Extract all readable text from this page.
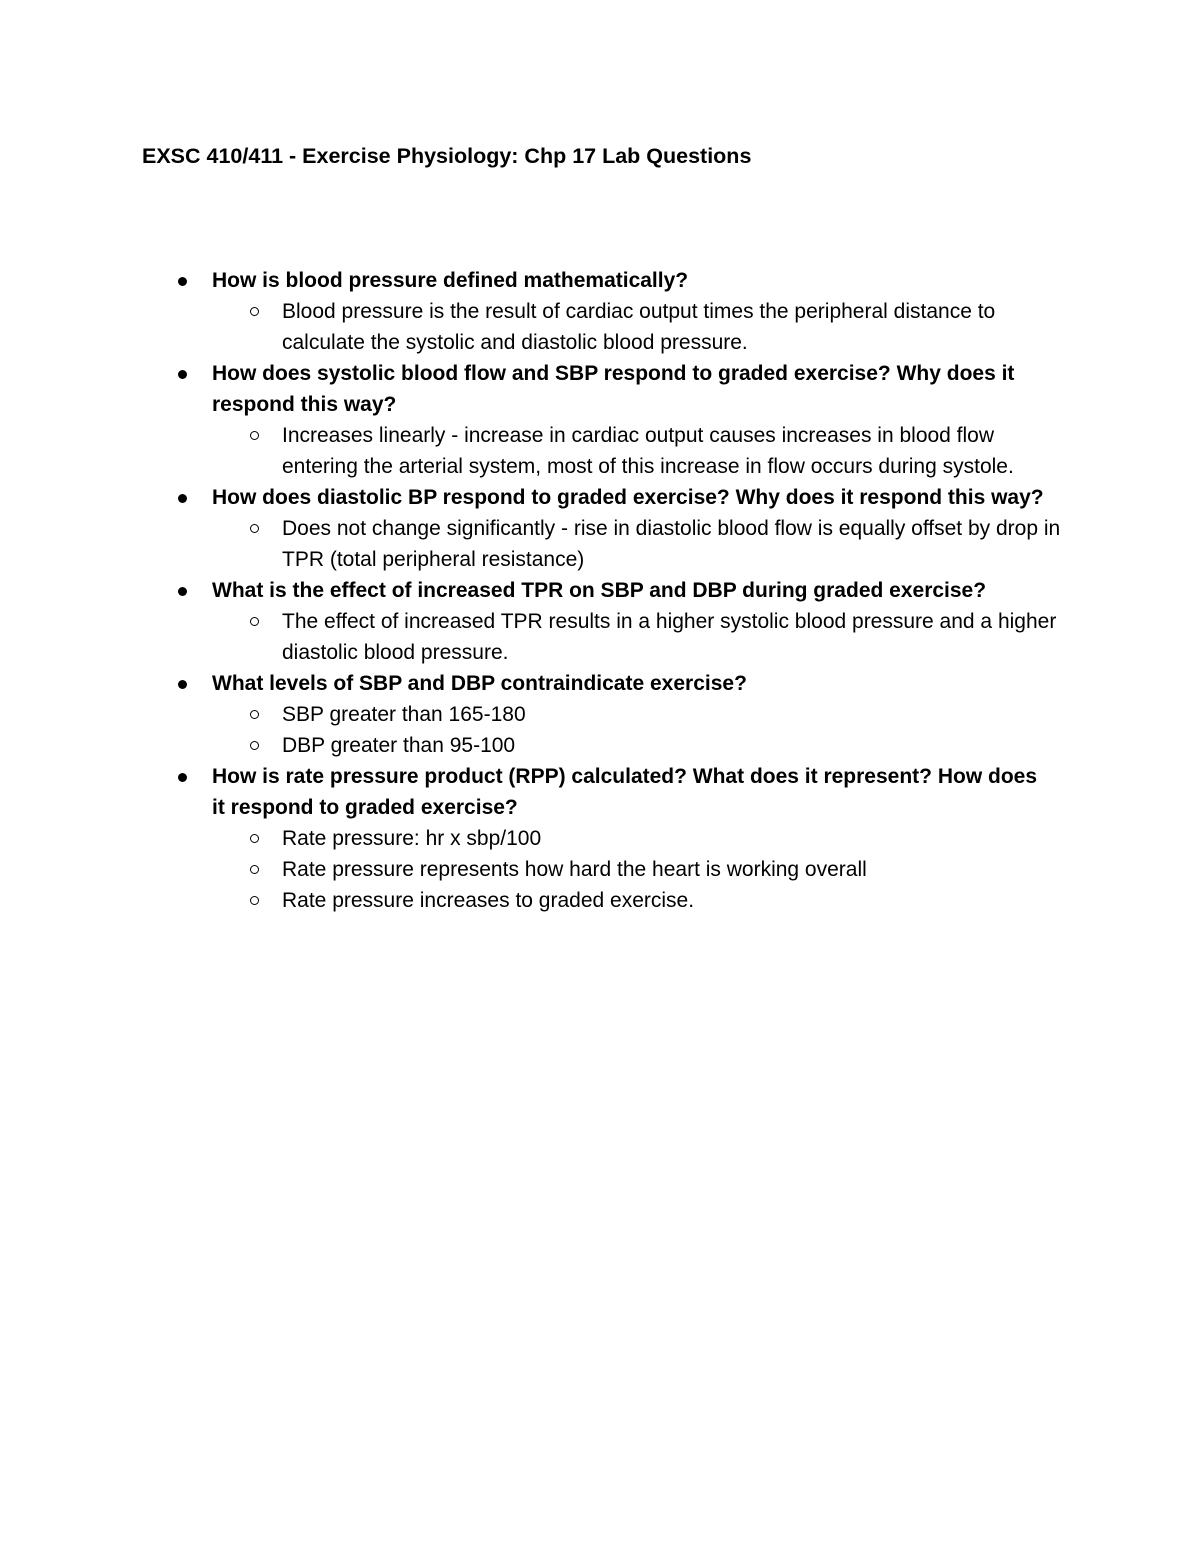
EXSC 410/411 - Exercise Physiology: Chp 17 Lab Questions

How is blood pressure defined mathematically?

Blood pressure is the result of cardiac output times the peripheral distance to calculate the systolic and diastolic blood pressure.

How does systolic blood flow and SBP respond to graded exercise? Why does it respond this way?

Increases linearly - increase in cardiac output causes increases in blood flow entering the arterial system, most of this increase in flow occurs during systole.

How does diastolic BP respond to graded exercise? Why does it respond this way?

Does not change significantly - rise in diastolic blood flow is equally offset by drop in TPR (total peripheral resistance)

What is the effect of increased TPR on SBP and DBP during graded exercise?

The effect of increased TPR results in a higher systolic blood pressure and a higher diastolic blood pressure.

What levels of SBP and DBP contraindicate exercise?

SBP greater than 165-180

DBP greater than 95-100

How is rate pressure product (RPP) calculated? What does it represent? How does it respond to graded exercise?

Rate pressure: hr x sbp/100

Rate pressure represents how hard the heart is working overall

Rate pressure increases to graded exercise.
